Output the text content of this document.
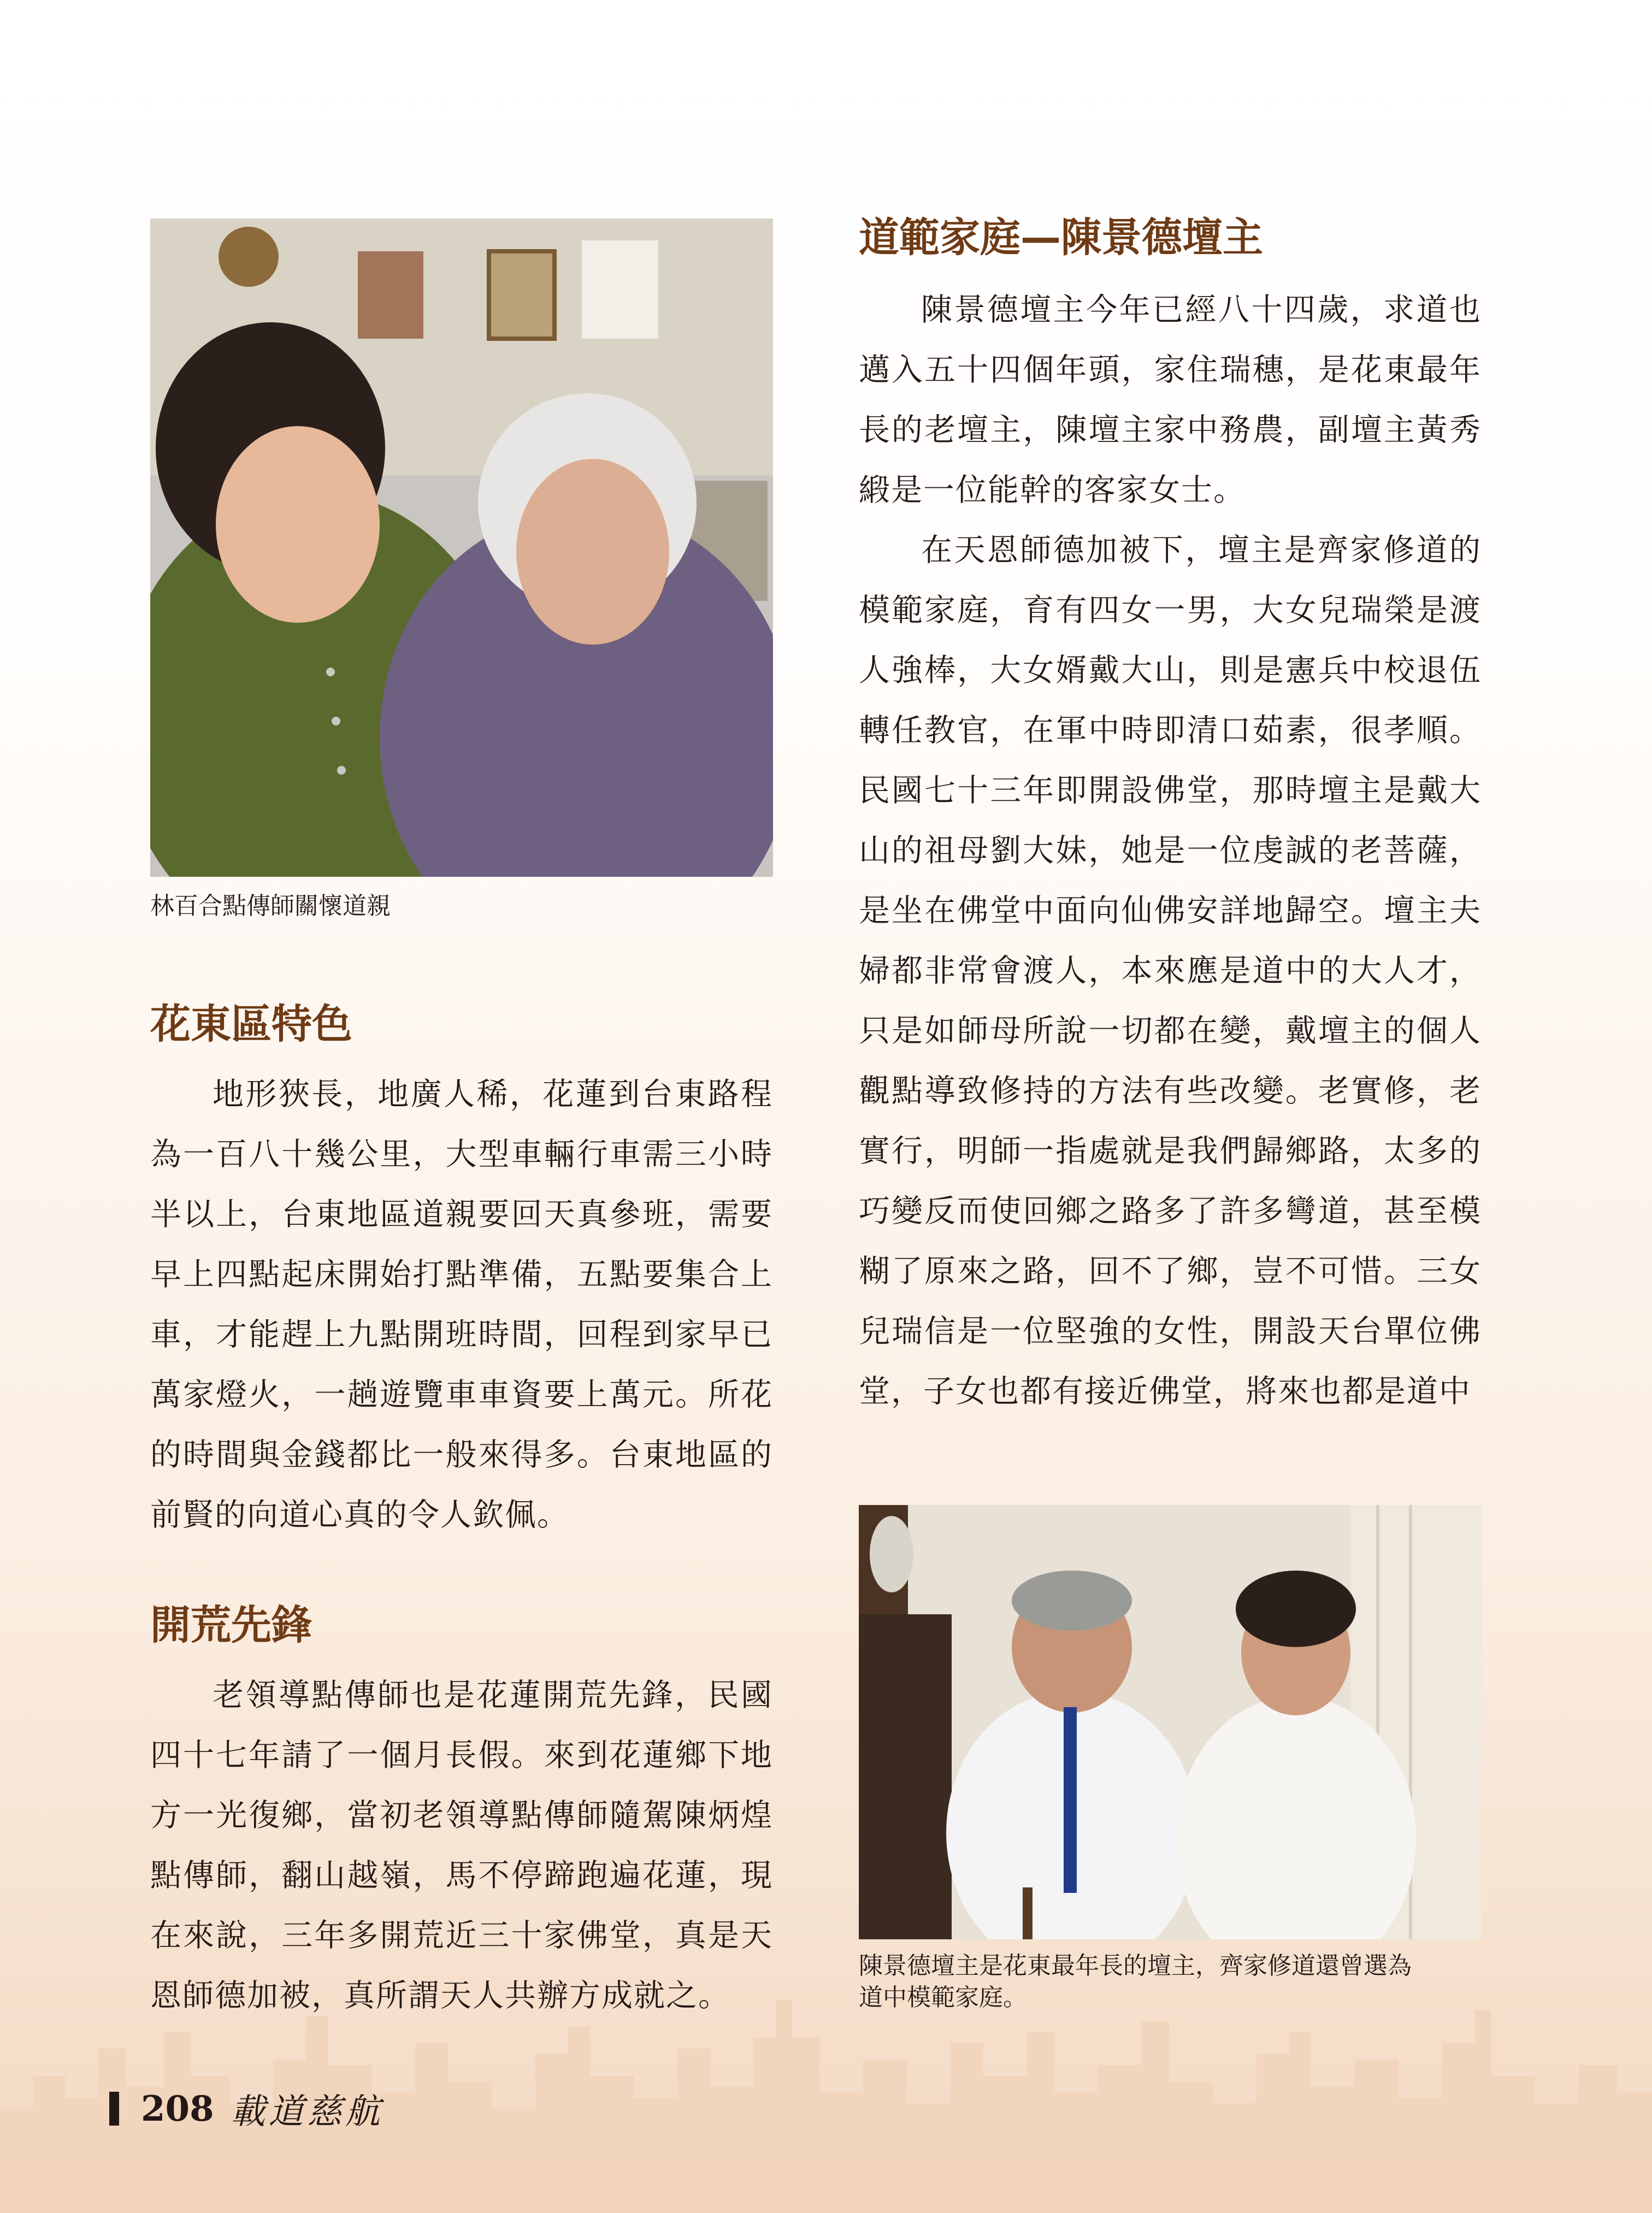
林百合點傳師關懷道親
花東區特色

地形狹長，地廣人稀，花蓮到台東路程為一百八十幾公里，大型車輛行車需三小時半以上，台東地區道親要回天真參班，需要早上四點起床開始打點準備，五點要集合上車，才能趕上九點開班時間，回程到家早已萬家燈火，一趟遊覽車車資要上萬元。所花的時間與金錢都比一般來得多。台東地區的前賢的向道心真的令人欽佩。

開荒先鋒

老領導點傳師也是花蓮開荒先鋒，民國四十七年請了一個月長假。來到花蓮鄉下地方一光復鄉，當初老領導點傳師隨駕陳炳煌點傳師，翻山越嶺，馬不停蹄跑遍花蓮，現在來說，三年多開荒近三十家佛堂，真是天恩師德加被，真所謂天人共辦方成就之。

道範家庭—陳景德壇主

陳景德壇主今年已經八十四歲，求道也邁入五十四個年頭，家住瑞穗，是花東最年長的老壇主，陳壇主家中務農，副壇主黃秀緞是一位能幹的客家女士。

在天恩師德加被下，壇主是齊家修道的模範家庭，育有四女一男，大女兒瑞榮是渡人強棒，大女婿戴大山，則是憲兵中校退伍轉任教官，在軍中時即清口茹素，很孝順。民國七十三年即開設佛堂，那時壇主是戴大山的祖母劉大妹，她是一位虔誠的老菩薩，是坐在佛堂中面向仙佛安詳地歸空。壇主夫婦都非常會渡人，本來應是道中的大人才，只是如師母所說一切都在變，戴壇主的個人觀點導致修持的方法有些改變。老實修，老實行，明師一指處就是我們歸鄉路，太多的巧變反而使回鄉之路多了許多彎道，甚至模糊了原來之路，回不了鄉，豈不可惜。三女兒瑞信是一位堅強的女性，開設天台單位佛堂，子女也都有接近佛堂，將來也都是道中

陳景德壇主是花東最年長的壇主，齊家修道還曾選為
道中模範家庭。
208 載道慈航
